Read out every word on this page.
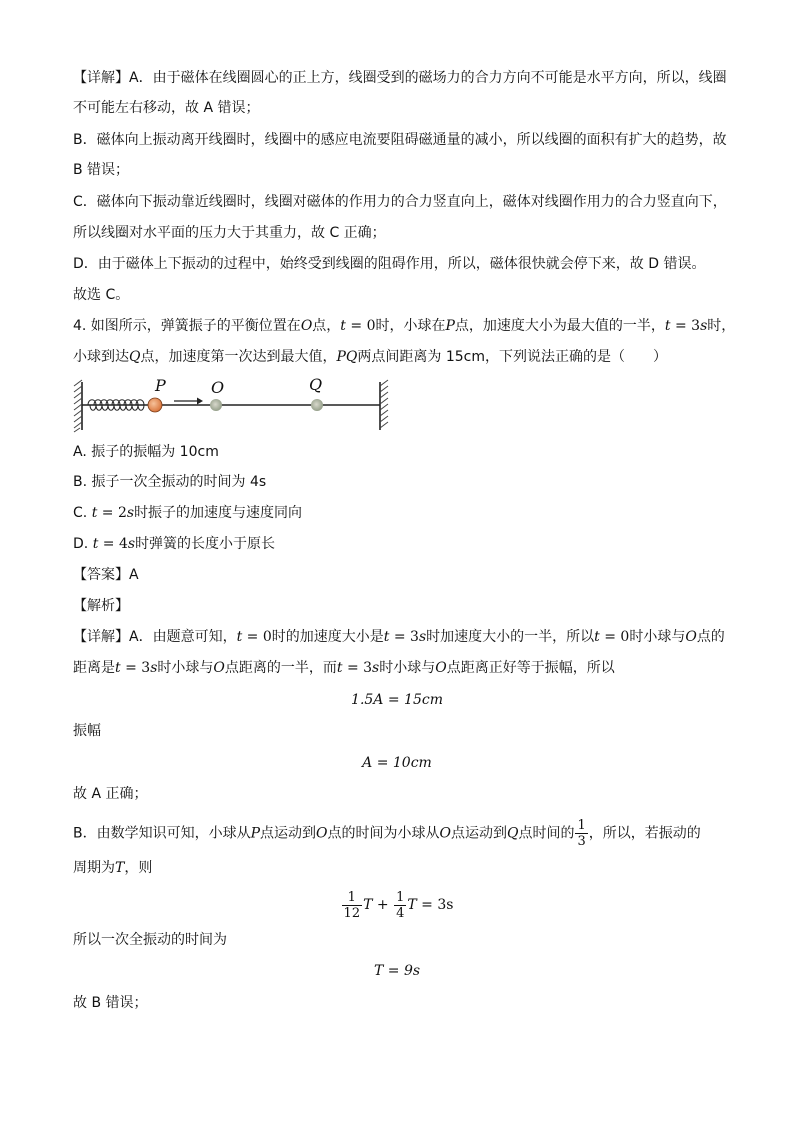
【详解】A．由于磁体在线圈圆心的正上方，线圈受到的磁场力的合力方向不可能是水平方向，所以，线圈
不可能左右移动，故 A 错误；
B．磁体向上振动离开线圈时，线圈中的感应电流要阻碍磁通量的减小，所以线圈的面积有扩大的趋势，故
B 错误；
C．磁体向下振动靠近线圈时，线圈对磁体的作用力的合力竖直向上，磁体对线圈作用力的合力竖直向下，
所以线圈对水平面的压力大于其重力，故 C 正确；
D．由于磁体上下振动的过程中，始终受到线圈的阻碍作用，所以，磁体很快就会停下来，故 D 错误。
故选 C。
4. 如图所示，弹簧振子的平衡位置在O点，t = 0时，小球在P点，加速度大小为最大值的一半，t = 3s时，
小球到达Q点，加速度第一次达到最大值，PQ两点间距离为 15cm，下列说法正确的是（　　）
P	O	Q
A. 振子的振幅为 10cm
B. 振子一次全振动的时间为 4s
C. t = 2s时振子的加速度与速度同向
D. t = 4s时弹簧的长度小于原长
【答案】A
【解析】
【详解】A．由题意可知，t = 0时的加速度大小是t = 3s时加速度大小的一半，所以t = 0时小球与O点的
距离是t = 3s时小球与O点距离的一半，而t = 3s时小球与O点距离正好等于振幅，所以
1.5A = 15cm
振幅
A = 10cm
故 A 正确；
B．由数学知识可知，小球从P点运动到O点的时间为小球从O点运动到Q点时间的 $\frac{1}{3}$ ，所以，若振动的
周期为T，则
$\frac{1}{12}$ $T + \frac{1}{4}$ T = 3s
所以一次全振动的时间为
T = 9s
故 B 错误；
